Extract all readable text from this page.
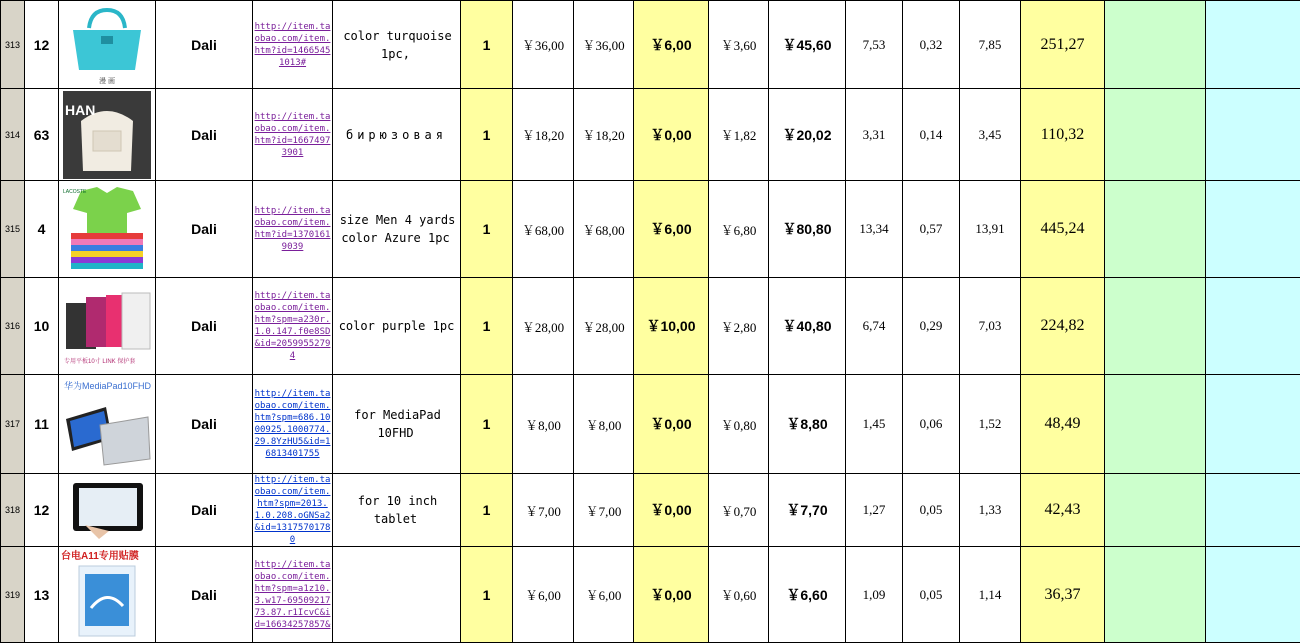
313	12	漫 画	Dali	http://item.taobao.com/item.htm?id=14665451013#	color turquoise 1pc,	1	￥36,00	￥36,00	￥6,00	￥3,60	￥45,60	7,53	0,32	7,85	251,27		
314	63	HAN	Dali	http://item.taobao.com/item.htm?id=16674973901	бирюзовая	1	￥18,20	￥18,20	￥0,00	￥1,82	￥20,02	3,31	0,14	3,45	110,32		
315	4	LACOSTE	Dali	http://item.taobao.com/item.htm?id=13701619039	size Men 4 yards color Azure 1pc	1	￥68,00	￥68,00	￥6,00	￥6,80	￥80,80	13,34	0,57	13,91	445,24		
316	10	专用平板10寸 LINK 保护套	Dali	http://item.taobao.com/item.htm?spm=a230r.1.0.147.f0e8SD&id=20599552794	color purple 1pc	1	￥28,00	￥28,00	￥10,00	￥2,80	￥40,80	6,74	0,29	7,03	224,82		
317	11	华为MediaPad10FHD	Dali	http://item.taobao.com/item.htm?spm=686.1000925.1000774.29.8YzHU5&id=16813401755	for MediaPad 10FHD	1	￥8,00	￥8,00	￥0,00	￥0,80	￥8,80	1,45	0,06	1,52	48,49		
318	12		Dali	http://item.taobao.com/item.htm?spm=2013.1.0.208.oGNSa2&id=13175701780	for 10 inch tablet	1	￥7,00	￥7,00	￥0,00	￥0,70	￥7,70	1,27	0,05	1,33	42,43		
319	13	台电A11专用贴膜	Dali	http://item.taobao.com/item.htm?spm=a1z10.3.w17-6950921773.87.r1IcvC&id=16634257857&		1	￥6,00	￥6,00	￥0,00	￥0,60	￥6,60	1,09	0,05	1,14	36,37		
